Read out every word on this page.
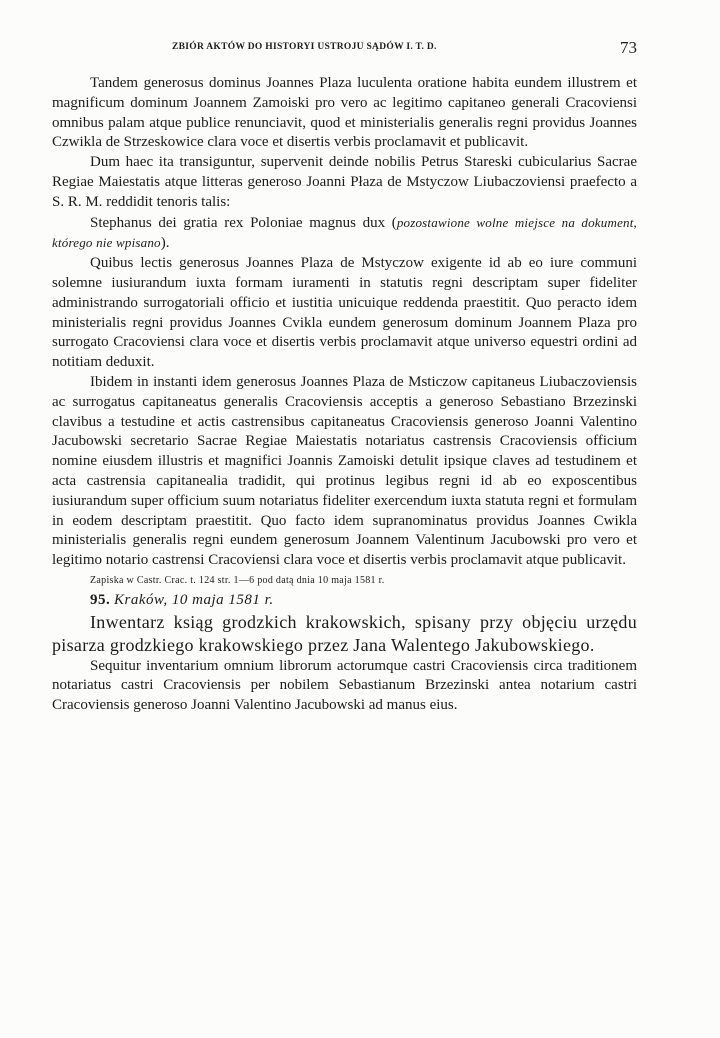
ZBIÓR AKTÓW DO HISTORYI USTROJU SĄDÓW I. T. D.	73

Tandem generosus dominus Joannes Plaza luculenta oratione habita eundem illustrem et magnificum dominum Joannem Zamoiski pro vero ac legitimo capitaneo generali Cracoviensi omnibus palam atque publice renunciavit, quod et ministerialis generalis regni providus Joannes Czwikla de Strzeskowice clara voce et disertis verbis proclamavit et publicavit.

Dum haec ita transiguntur, supervenit deinde nobilis Petrus Stareski cubicularius Sacrae Regiae Maiestatis atque litteras generoso Joanni Płaza de Mstyczow Liubaczoviensi praefecto a S. R. M. reddidit tenoris talis:

Stephanus dei gratia rex Poloniae magnus dux (pozostawione wolne miejsce na dokument, którego nie wpisano).

Quibus lectis generosus Joannes Plaza de Mstyczow exigente id ab eo iure communi solemne iusiurandum iuxta formam iuramenti in statutis regni descriptam super fideliter administrando surrogatoriali officio et iustitia unicuique reddenda praestitit. Quo peracto idem ministerialis regni providus Joannes Cvikla eundem generosum dominum Joannem Plaza pro surrogato Cracoviensi clara voce et disertis verbis proclamavit atque universo equestri ordini ad notitiam deduxit.

Ibidem in instanti idem generosus Joannes Plaza de Msticzow capitaneus Liubaczoviensis ac surrogatus capitaneatus generalis Cracoviensis acceptis a generoso Sebastiano Brzezinski clavibus a testudine et actis castrensibus capitaneatus Cracoviensis generoso Joanni Valentino Jacubowski secretario Sacrae Regiae Maiestatis notariatus castrensis Cracoviensis officium nomine eiusdem illustris et magnifici Joannis Zamoiski detulit ipsique claves ad testudinem et acta castrensia capitanealia tradidit, qui protinus legibus regni id ab eo exposcentibus iusiurandum super officium suum notariatus fideliter exercendum iuxta statuta regni et formulam in eodem descriptam praestitit. Quo facto idem supranominatus providus Joannes Cwikla ministerialis generalis regni eundem generosum Joannem Valentinum Jacubowski pro vero et legitimo notario castrensi Cracoviensi clara voce et disertis verbis proclamavit atque publicavit.

Zapiska w Castr. Crac. t. 124 str. 1—6 pod datą dnia 10 maja 1581 r.

95. Kraków, 10 maja 1581 r.

Inwentarz ksiąg grodzkich krakowskich, spisany przy objęciu urzędu pisarza grodzkiego krakowskiego przez Jana Walentego Jakubowskiego.

Sequitur inventarium omnium librorum actorumque castri Cracoviensis circa traditionem notariatus castri Cracoviensis per nobilem Sebastianum Brzezinski antea notarium castri Cracoviensis generoso Joanni Valentino Jacubowski ad manus eius.
